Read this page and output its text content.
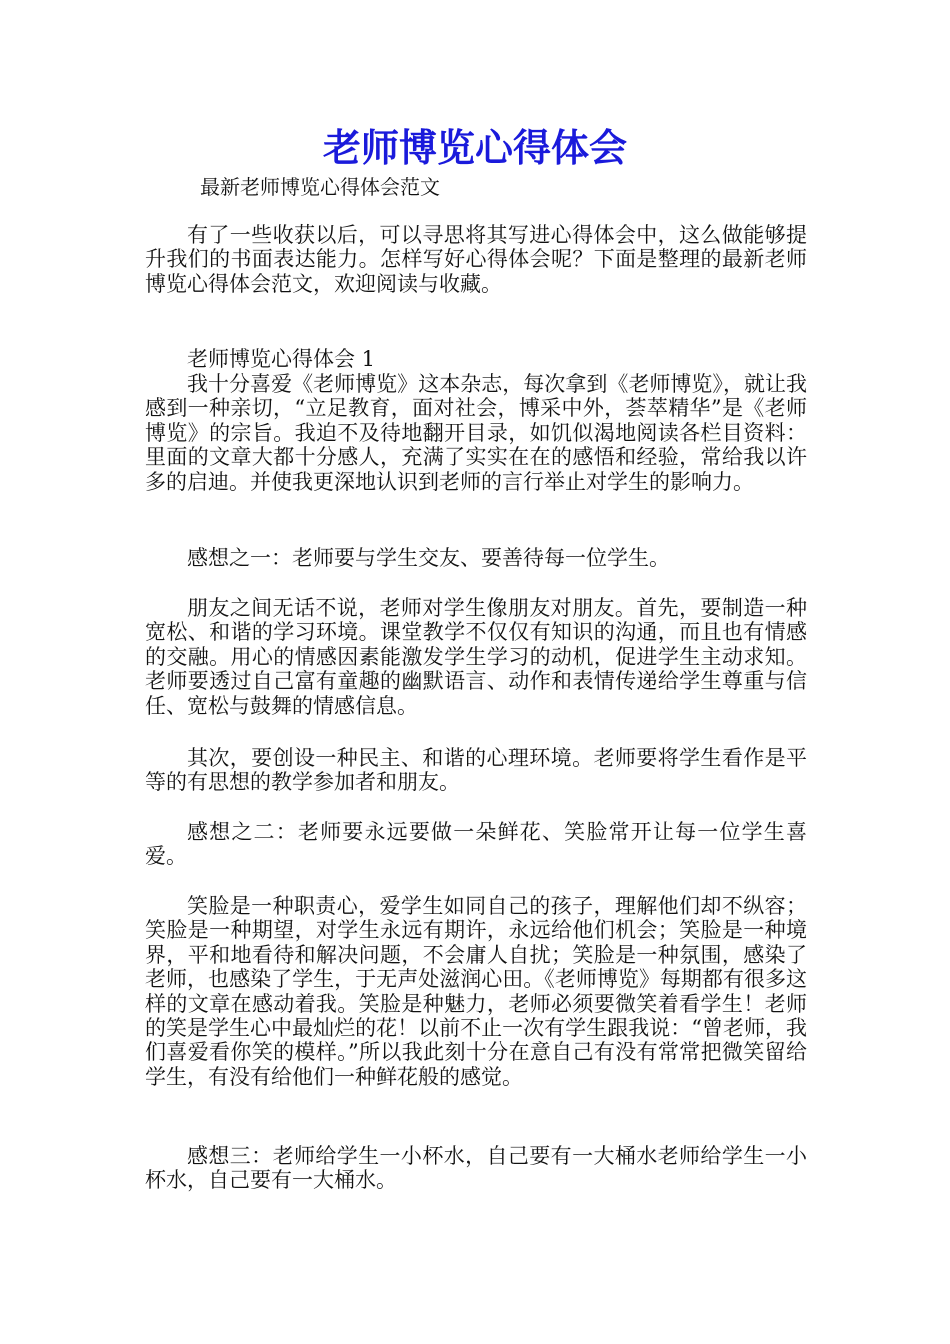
老师博览心得体会

最新老师博览心得体会范文

有了一些收获以后，可以寻思将其写进心得体会中，这么做能够提升我们的书面表达能力。怎样写好心得体会呢？下面是整理的最新老师博览心得体会范文，欢迎阅读与收藏。

老师博览心得体会 1

我十分喜爱《老师博览》这本杂志，每次拿到《老师博览》，就让我感到一种亲切，“立足教育，面对社会，博采中外，荟萃精华”是《老师博览》的宗旨。我迫不及待地翻开目录，如饥似渴地阅读各栏目资料：里面的文章大都十分感人，充满了实实在在的感悟和经验，常给我以许多的启迪。并使我更深地认识到老师的言行举止对学生的影响力。

感想之一：老师要与学生交友、要善待每一位学生。

朋友之间无话不说，老师对学生像朋友对朋友。首先，要制造一种宽松、和谐的学习环境。课堂教学不仅仅有知识的沟通，而且也有情感的交融。用心的情感因素能激发学生学习的动机，促进学生主动求知。老师要透过自己富有童趣的幽默语言、动作和表情传递给学生尊重与信任、宽松与鼓舞的情感信息。

其次，要创设一种民主、和谐的心理环境。老师要将学生看作是平等的有思想的教学参加者和朋友。

感想之二：老师要永远要做一朵鲜花、笑脸常开让每一位学生喜爱。

笑脸是一种职责心，爱学生如同自己的孩子，理解他们却不纵容；笑脸是一种期望，对学生永远有期许，永远给他们机会；笑脸是一种境界，平和地看待和解决问题，不会庸人自扰；笑脸是一种氛围，感染了老师，也感染了学生，于无声处滋润心田。《老师博览》每期都有很多这样的文章在感动着我。笑脸是种魅力，老师必须要微笑着看学生！老师的笑是学生心中最灿烂的花！以前不止一次有学生跟我说：“曾老师，我们喜爱看你笑的模样。”所以我此刻十分在意自己有没有常常把微笑留给学生，有没有给他们一种鲜花般的感觉。

感想三：老师给学生一小杯水，自己要有一大桶水老师给学生一小杯水，自己要有一大桶水。
